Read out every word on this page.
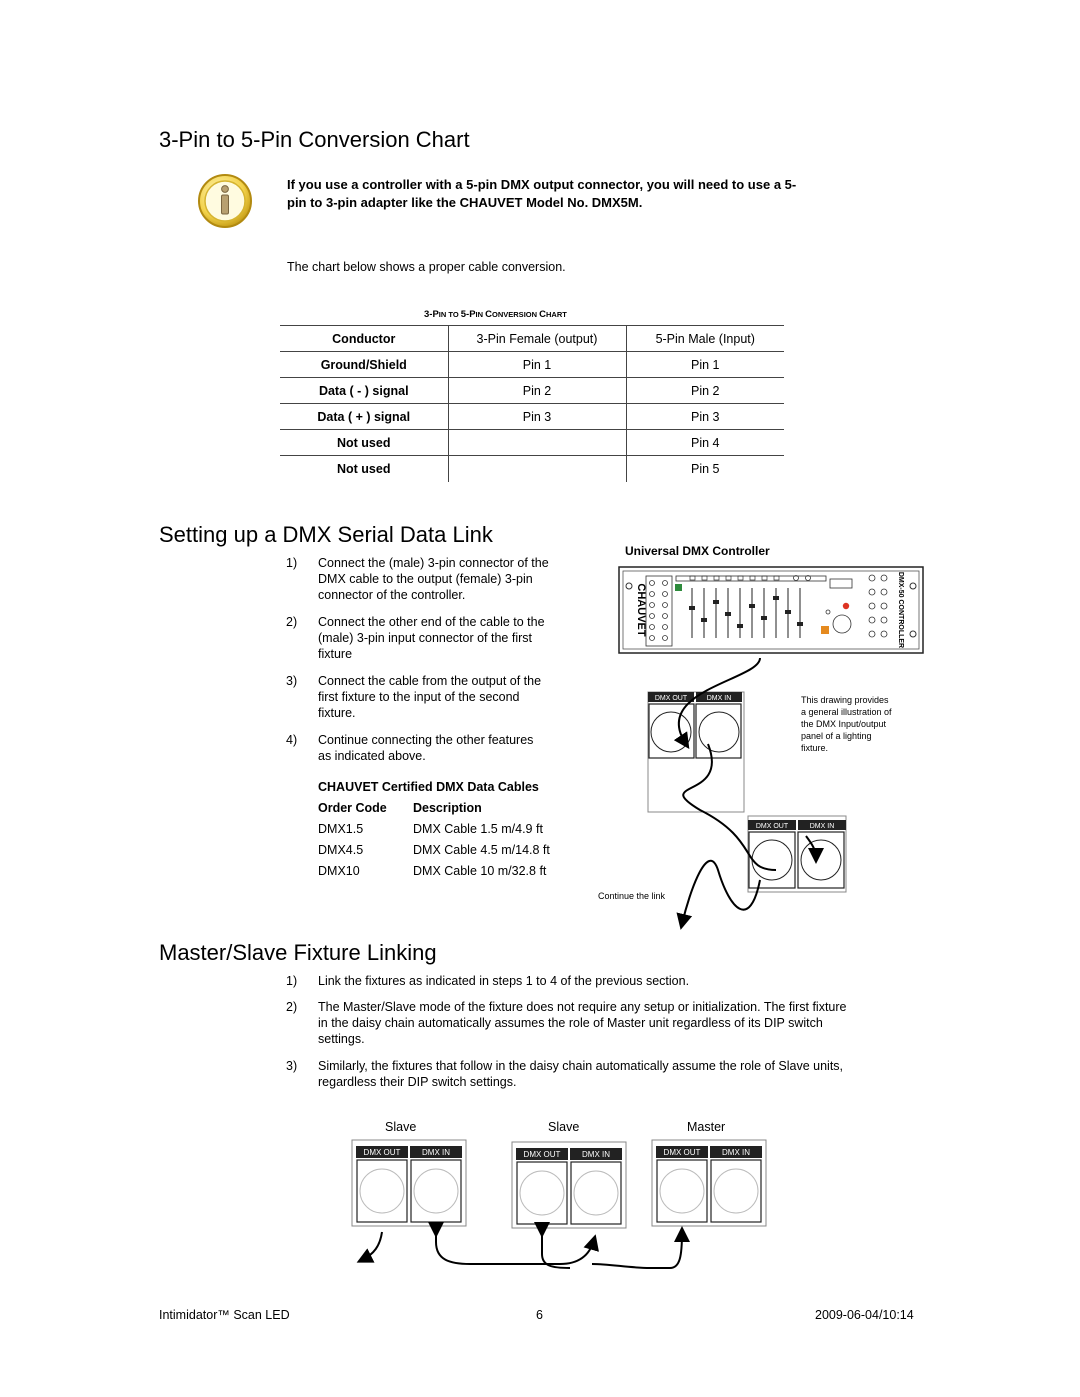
3-Pin to 5-Pin Conversion Chart
If you use a controller with a 5-pin DMX output connector, you will need to use a 5-
pin to 3-pin adapter like the CHAUVET Model No. DMX5M.
The chart below shows a proper cable conversion.
3-PIN TO 5-PIN CONVERSION CHART
Conductor	3-Pin Female (output)	5-Pin Male (Input)
Ground/Shield	Pin 1	Pin 1
Data ( - ) signal	Pin 2	Pin 2
Data ( + ) signal	Pin 3	Pin 3
Not used		Pin 4
Not used		Pin 5
Setting up a DMX Serial Data Link
1) Connect the (male) 3-pin connector of the
DMX cable to the output (female) 3-pin
connector of the controller.
2) Connect the other end of the cable to the
(male) 3-pin input connector of the first
fixture
3) Connect the cable from the output of the
first fixture to the input of the second
fixture.
4) Continue connecting the other features
as indicated above.
CHAUVET Certified DMX Data Cables
Order Code Description
DMX1.5	DMX Cable 1.5 m/4.9 ft
DMX4.5	DMX Cable 4.5 m/14.8 ft
DMX10	DMX Cable 10 m/32.8 ft
Universal DMX Controller
DMX-50 CONTROLLER
CHAUVET
This drawing provides
a general illustration of
the DMX Input/output
panel of a lighting
fixture.
Continue the link
DMX OUT	DMX IN
DMX OUT	DMX IN
Master/Slave Fixture Linking
1) Link the fixtures as indicated in steps 1 to 4 of the previous section.
2) The Master/Slave mode of the fixture does not require any setup or initialization. The first fixture
in the daisy chain automatically assumes the role of Master unit regardless of its DIP switch
settings.
3) Similarly, the fixtures that follow in the daisy chain automatically assume the role of Slave units,
regardless their DIP switch settings.
Slave	Slave	Master
DMX OUT	DMX IN	DMX OUT	DMX IN	DMX OUT	DMX IN
Intimidator™ Scan LED	6	2009-06-04/10:14
